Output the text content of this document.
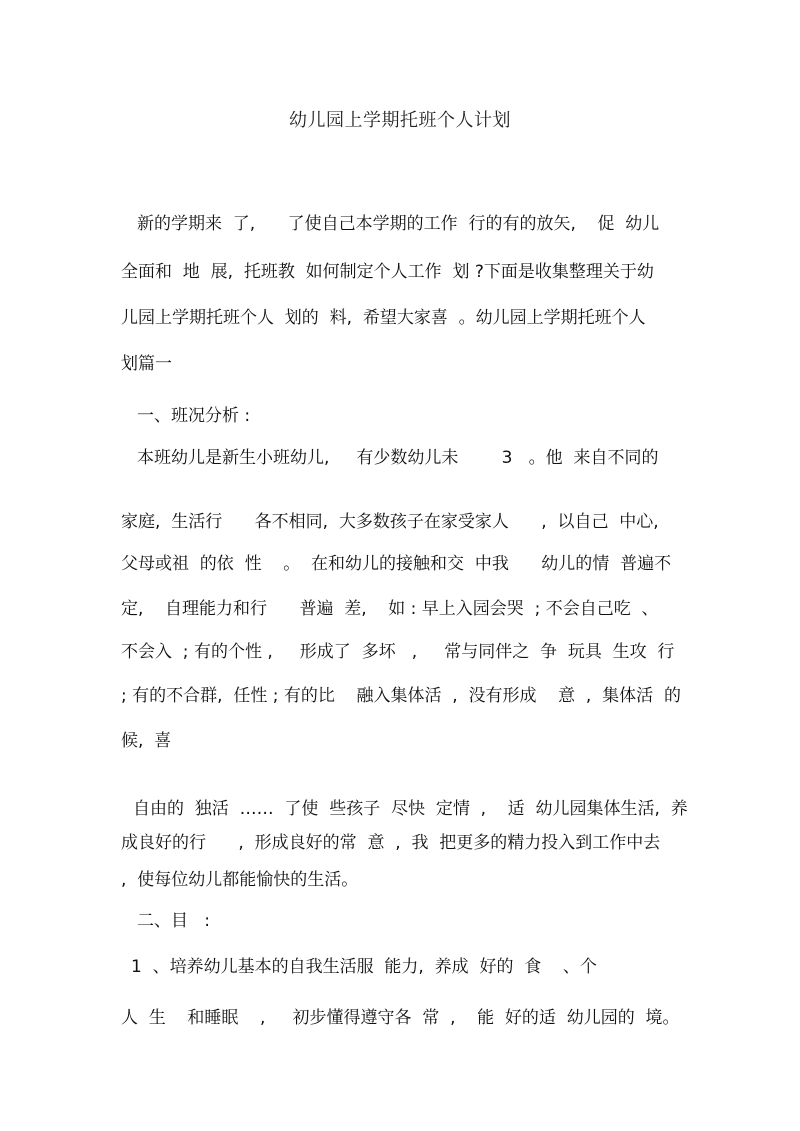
幼儿园上学期托班个人计划
新的学期来  了,      了使自己本学期的工作  行的有的放矢,    促  幼儿
全面和  地  展,  托班教  如何制定个人工作  划 ?下面是收集整理关于幼
儿园上学期托班个人  划的  料,  希望大家喜  。幼儿园上学期托班个人
划篇一
一、班况分析 :
本班幼儿是新生小班幼儿,     有少数幼儿未        3   。他  来自不同的
家庭,  生活行      各不相同,  大多数孩子在家受家人      ,  以自己  中心,
父母或祖  的依  性    。  在和幼儿的接触和交  中我      幼儿的情  普遍不
定,    自理能力和行      普遍  差,    如 : 早上入园会哭  ; 不会自己吃  、
不会入  ; 有的个性 ,     形成了  多坏   ,     常与同伴之  争  玩具  生攻  行
; 有的不合群,  任性 ; 有的比    融入集体活  ,  没有形成    意  ,  集体活  的
候,  喜
自由的  独活  ……  了使  些孩子  尽快  定情  ,    适  幼儿园集体生活,  养
成良好的行      ,  形成良好的常  意  ,  我  把更多的精力投入到工作中去
,  使每位幼儿都能愉快的生活。
二、目   :
1  、培养幼儿基本的自我生活服  能力,  养成  好的  食    、个
人  生    和睡眠    ,     初步懂得遵守各  常  ,    能  好的适  幼儿园的  境。
